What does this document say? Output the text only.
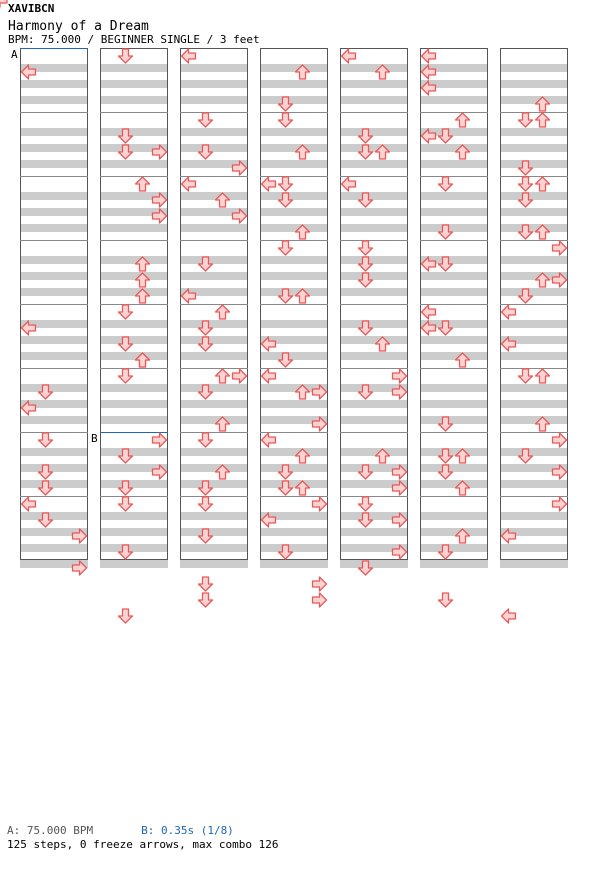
XAVIBCN
Harmony of a Dream
BPM: 75.000 / BEGINNER SINGLE / 3 feet
A
B
A: 75.000 BPM	B: 0.35s (1/8)
125 steps, 0 freeze arrows, max combo 126
